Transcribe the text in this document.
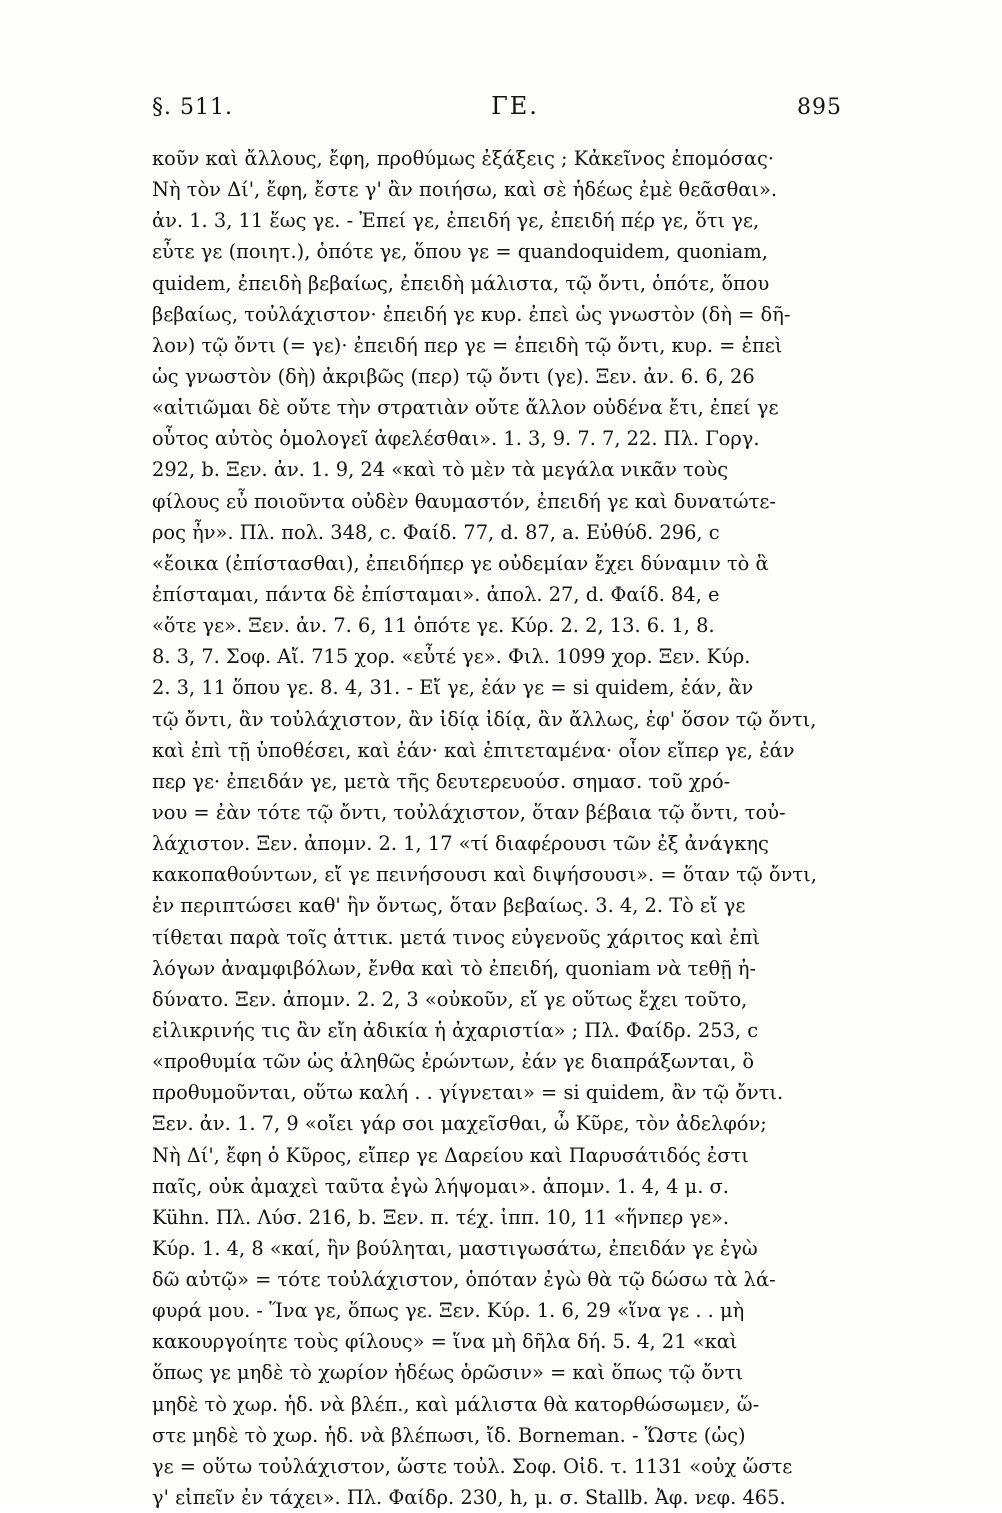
§. 511.	ΓΕ.	895
κοῦν καὶ ἄλλους, ἔφη, προθύμως ἐξάξεις ; Κἀκεῖνος ἐπομόσας·
Νὴ τὸν Δί', ἔφη, ἔστε γ' ἂν ποιήσω, καὶ σὲ ἡδέως ἐμὲ θεᾶσθαι».
ἀν. 1. 3, 11 ἕως γε. - Ἐπεί γε, ἐπειδή γε, ἐπειδή πέρ γε, ὅτι γε,
εὖτε γε (ποιητ.), ὁπότε γε, ὅπου γε = quandoquidem, quoniam,
quidem, ἐπειδὴ βεβαίως, ἐπειδὴ μάλιστα, τῷ ὄντι, ὁπότε, ὅπου
βεβαίως, τοὐλάχιστον· ἐπειδή γε κυρ. ἐπεὶ ὡς γνωστὸν (δὴ = δῆ-
λον) τῷ ὄντι (= γε)· ἐπειδή περ γε = ἐπειδὴ τῷ ὄντι, κυρ. = ἐπεὶ
ὡς γνωστὸν (δὴ) ἀκριβῶς (περ) τῷ ὄντι (γε). Ξεν. ἀν. 6. 6, 26
«αἰτιῶμαι δὲ οὔτε τὴν στρατιὰν οὔτε ἄλλον οὐδένα ἔτι, ἐπεί γε
οὗτος αὐτὸς ὁμολογεῖ ἀφελέσθαι». 1. 3, 9. 7. 7, 22. Πλ. Γοργ.
292, b. Ξεν. ἀν. 1. 9, 24 «καὶ τὸ μὲν τὰ μεγάλα νικᾶν τοὺς
φίλους εὖ ποιοῦντα οὐδὲν θαυμαστόν, ἐπειδή γε καὶ δυνατώτε-
ρος ἦν». Πλ. πολ. 348, c. Φαίδ. 77, d. 87, a. Εὐθύδ. 296, c
«ἔοικα (ἐπίστασθαι), ἐπειδήπερ γε οὐδεμίαν ἔχει δύναμιν τὸ ἃ
ἐπίσταμαι, πάντα δὲ ἐπίσταμαι». ἀπολ. 27, d. Φαίδ. 84, e
«ὅτε γε». Ξεν. ἀν. 7. 6, 11 ὁπότε γε. Κύρ. 2. 2, 13. 6. 1, 8.
8. 3, 7. Σοφ. Αἴ. 715 χορ. «εὖτέ γε». Φιλ. 1099 χορ. Ξεν. Κύρ.
2. 3, 11 ὅπου γε. 8. 4, 31. - Εἴ γε, ἐάν γε = si quidem, ἐάν, ἂν
τῷ ὄντι, ἂν τοὐλάχιστον, ἂν ἰδίᾳ ἰδίᾳ, ἂν ἄλλως, ἐφ' ὅσον τῷ ὄντι,
καὶ ἐπὶ τῇ ὑποθέσει, καὶ ἐάν· καὶ ἐπιτεταμένα· οἷον εἴπερ γε, ἐάν
περ γε· ἐπειδάν γε, μετὰ τῆς δευτερευούσ. σημασ. τοῦ χρό-
νου = ἐὰν τότε τῷ ὄντι, τοὐλάχιστον, ὅταν βέβαια τῷ ὄντι, τοὐ-
λάχιστον. Ξεν. ἀπομν. 2. 1, 17 «τί διαφέρουσι τῶν ἐξ ἀνάγκης
κακοπαθούντων, εἴ γε πεινήσουσι καὶ διψήσουσι». = ὅταν τῷ ὄντι,
ἐν περιπτώσει καθ' ἣν ὄντως, ὅταν βεβαίως. 3. 4, 2. Τὸ εἴ γε
τίθεται παρὰ τοῖς ἀττικ. μετά τινος εὐγενοῦς χάριτος καὶ ἐπὶ
λόγων ἀναμφιβόλων, ἔνθα καὶ τὸ ἐπειδή, quoniam νὰ τεθῇ ἠ-
δύνατο. Ξεν. ἀπομν. 2. 2, 3 «οὐκοῦν, εἴ γε οὕτως ἔχει τοῦτο,
εἰλικρινής τις ἂν εἴη ἀδικία ἡ ἀχαριστία» ; Πλ. Φαίδρ. 253, c
«προθυμία τῶν ὡς ἀληθῶς ἐρώντων, ἐάν γε διαπράξωνται, ὃ
προθυμοῦνται, οὕτω καλή . . γίγνεται» = si quidem, ἂν τῷ ὄντι.
Ξεν. ἀν. 1. 7, 9 «οἴει γάρ σοι μαχεῖσθαι, ὦ Κῦρε, τὸν ἀδελφόν;
Νὴ Δί', ἔφη ὁ Κῦρος, εἴπερ γε Δαρείου καὶ Παρυσάτιδός ἐστι
παῖς, οὐκ ἀμαχεὶ ταῦτα ἐγὼ λήψομαι». ἀπομν. 1. 4, 4 μ. σ.
Kühn. Πλ. Λύσ. 216, b. Ξεν. π. τέχ. ἱππ. 10, 11 «ἥνπερ γε».
Κύρ. 1. 4, 8 «καί, ἣν βούληται, μαστιγωσάτω, ἐπειδάν γε ἐγὼ
δῶ αὐτῷ» = τότε τοὐλάχιστον, ὁπόταν ἐγὼ θὰ τῷ δώσω τὰ λά-
φυρά μου. - Ἵνα γε, ὅπως γε. Ξεν. Κύρ. 1. 6, 29 «ἵνα γε . . μὴ
κακουργοίητε τοὺς φίλους» = ἵνα μὴ δῆλα δή. 5. 4, 21 «καὶ
ὅπως γε μηδὲ τὸ χωρίον ἡδέως ὁρῶσιν» = καὶ ὅπως τῷ ὄντι
μηδὲ τὸ χωρ. ἡδ. νὰ βλέπ., καὶ μάλιστα θὰ κατορθώσωμεν, ὥ-
στε μηδὲ τὸ χωρ. ἡδ. νὰ βλέπωσι, ἴδ. Borneman. - Ὥστε (ὡς)
γε = οὕτω τοὐλάχιστον, ὥστε τοὐλ. Σοφ. Οἰδ. τ. 1131 «οὐχ ὥστε
γ' εἰπεῖν ἐν τάχει». Πλ. Φαίδρ. 230, h, μ. σ. Stallb. Ἀφ. νεφ. 465.
